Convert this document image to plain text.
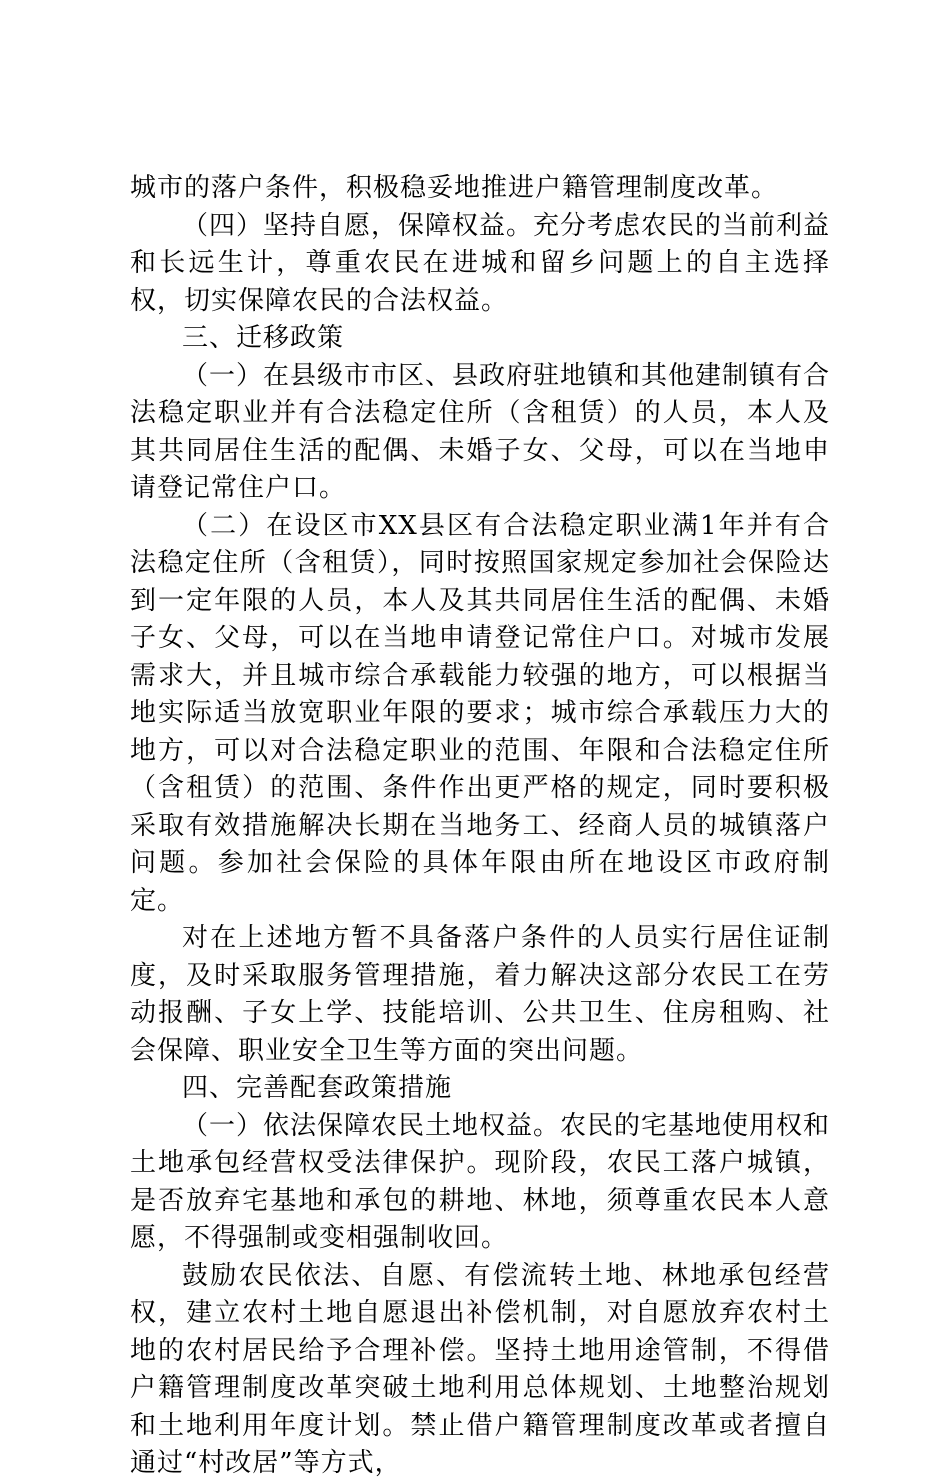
城市的落户条件，积极稳妥地推进户籍管理制度改革。

（四）坚持自愿，保障权益。充分考虑农民的当前利益和长远生计，尊重农民在进城和留乡问题上的自主选择权，切实保障农民的合法权益。

三、迁移政策

（一）在县级市市区、县政府驻地镇和其他建制镇有合法稳定职业并有合法稳定住所（含租赁）的人员，本人及其共同居住生活的配偶、未婚子女、父母，可以在当地申请登记常住户口。

（二）在设区市XX县区有合法稳定职业满1年并有合法稳定住所（含租赁），同时按照国家规定参加社会保险达到一定年限的人员，本人及其共同居住生活的配偶、未婚子女、父母，可以在当地申请登记常住户口。对城市发展需求大，并且城市综合承载能力较强的地方，可以根据当地实际适当放宽职业年限的要求；城市综合承载压力大的地方，可以对合法稳定职业的范围、年限和合法稳定住所（含租赁）的范围、条件作出更严格的规定，同时要积极采取有效措施解决长期在当地务工、经商人员的城镇落户问题。参加社会保险的具体年限由所在地设区市政府制定。

对在上述地方暂不具备落户条件的人员实行居住证制度，及时采取服务管理措施，着力解决这部分农民工在劳动报酬、子女上学、技能培训、公共卫生、住房租购、社会保障、职业安全卫生等方面的突出问题。

四、完善配套政策措施

（一）依法保障农民土地权益。农民的宅基地使用权和土地承包经营权受法律保护。现阶段，农民工落户城镇，是否放弃宅基地和承包的耕地、林地，须尊重农民本人意愿，不得强制或变相强制收回。

鼓励农民依法、自愿、有偿流转土地、林地承包经营权，建立农村土地自愿退出补偿机制，对自愿放弃农村土地的农村居民给予合理补偿。坚持土地用途管制，不得借户籍管理制度改革突破土地利用总体规划、土地整治规划和土地利用年度计划。禁止借户籍管理制度改革或者擅自通过“村改居”等方式，
